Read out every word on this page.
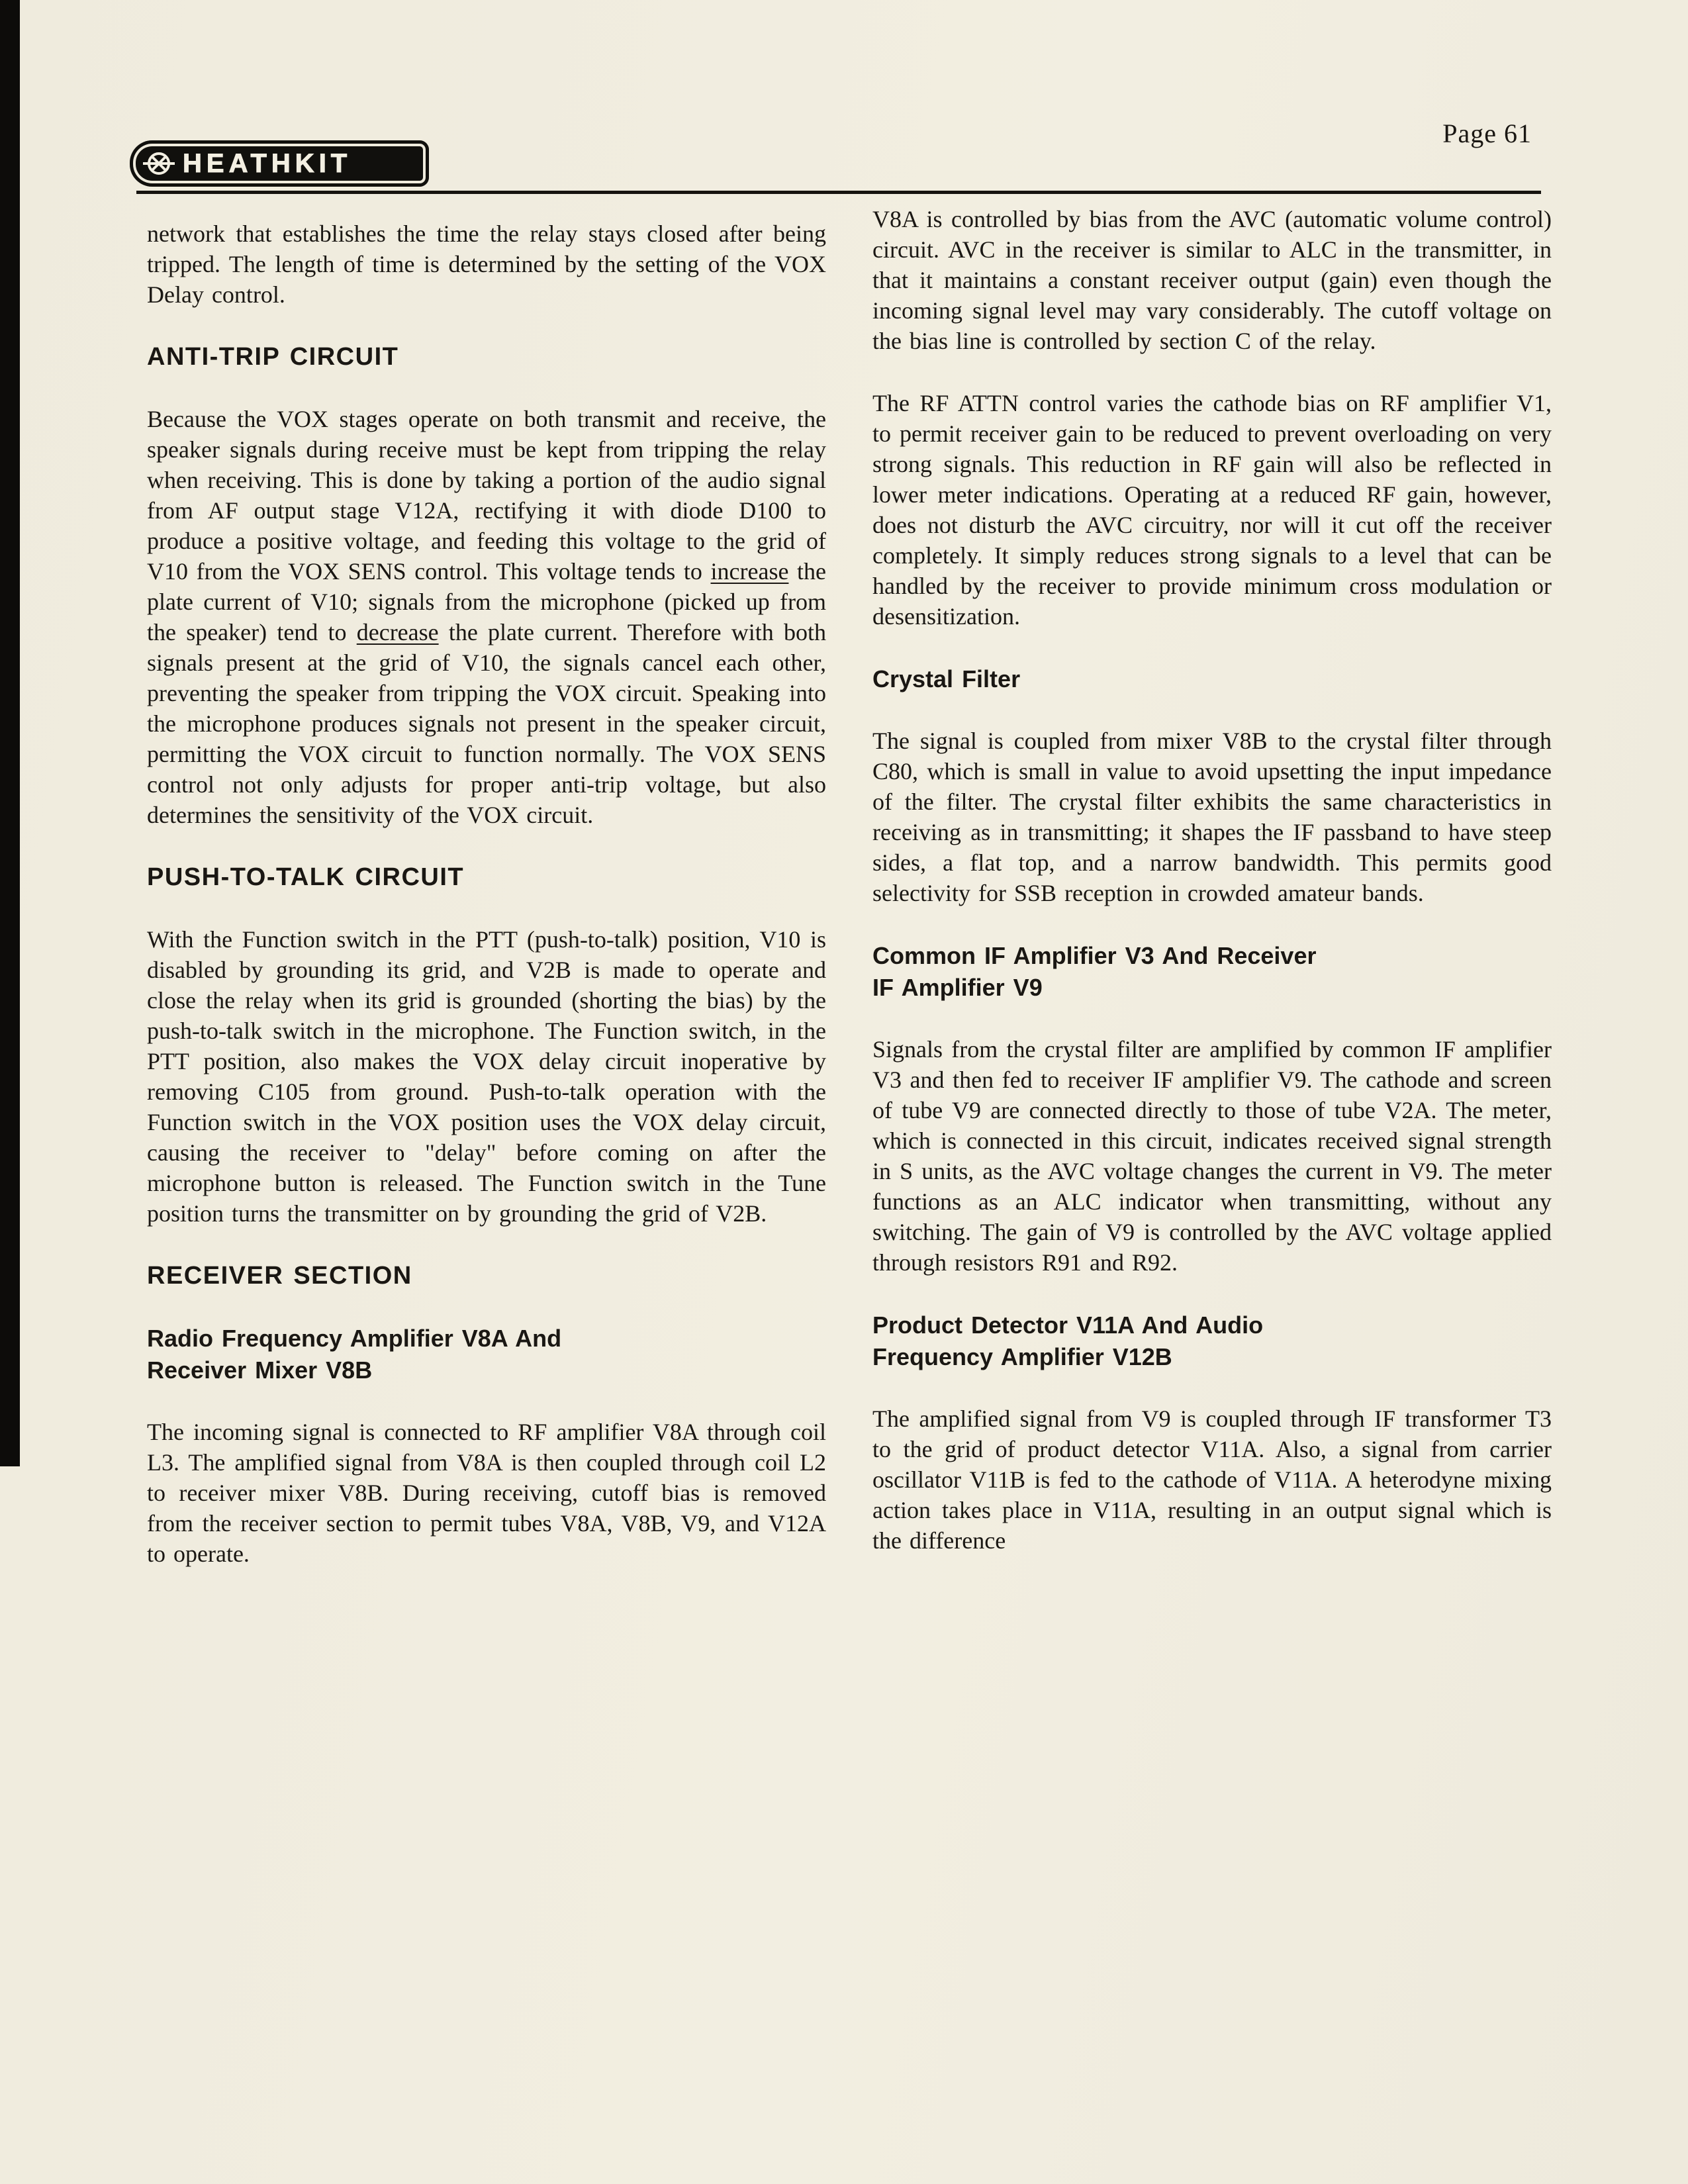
Page 61
HEATHKIT

network that establishes the time the relay stays closed after being tripped. The length of time is determined by the setting of the VOX Delay control.

ANTI-TRIP CIRCUIT

Because the VOX stages operate on both transmit and receive, the speaker signals during receive must be kept from tripping the relay when receiving. This is done by taking a portion of the audio signal from AF output stage V12A, rectifying it with diode D100 to produce a positive voltage, and feeding this voltage to the grid of V10 from the VOX SENS control. This voltage tends to increase the plate current of V10; signals from the microphone (picked up from the speaker) tend to decrease the plate current. Therefore with both signals present at the grid of V10, the signals cancel each other, preventing the speaker from tripping the VOX circuit. Speaking into the microphone produces signals not present in the speaker circuit, permitting the VOX circuit to function normally. The VOX SENS control not only adjusts for proper anti-trip voltage, but also determines the sensitivity of the VOX circuit.

PUSH-TO-TALK CIRCUIT

With the Function switch in the PTT (push-to-talk) position, V10 is disabled by grounding its grid, and V2B is made to operate and close the relay when its grid is grounded (shorting the bias) by the push-to-talk switch in the microphone. The Function switch, in the PTT position, also makes the VOX delay circuit inoperative by removing C105 from ground. Push-to-talk operation with the Function switch in the VOX position uses the VOX delay circuit, causing the receiver to "delay" before coming on after the microphone button is released. The Function switch in the Tune position turns the transmitter on by grounding the grid of V2B.

RECEIVER SECTION
Radio Frequency Amplifier V8A And
Receiver Mixer V8B

The incoming signal is connected to RF amplifier V8A through coil L3. The amplified signal from V8A is then coupled through coil L2 to receiver mixer V8B. During receiving, cutoff bias is removed from the receiver section to permit tubes V8A, V8B, V9, and V12A to operate.

V8A is controlled by bias from the AVC (automatic volume control) circuit. AVC in the receiver is similar to ALC in the transmitter, in that it maintains a constant receiver output (gain) even though the incoming signal level may vary considerably. The cutoff voltage on the bias line is controlled by section C of the relay.

The RF ATTN control varies the cathode bias on RF amplifier V1, to permit receiver gain to be reduced to prevent overloading on very strong signals. This reduction in RF gain will also be reflected in lower meter indications. Operating at a reduced RF gain, however, does not disturb the AVC circuitry, nor will it cut off the receiver completely. It simply reduces strong signals to a level that can be handled by the receiver to provide minimum cross modulation or desensitization.

Crystal Filter

The signal is coupled from mixer V8B to the crystal filter through C80, which is small in value to avoid upsetting the input impedance of the filter. The crystal filter exhibits the same characteristics in receiving as in transmitting; it shapes the IF passband to have steep sides, a flat top, and a narrow bandwidth. This permits good selectivity for SSB reception in crowded amateur bands.

Common IF Amplifier V3 And Receiver
IF Amplifier V9

Signals from the crystal filter are amplified by common IF amplifier V3 and then fed to receiver IF amplifier V9. The cathode and screen of tube V9 are connected directly to those of tube V2A. The meter, which is connected in this circuit, indicates received signal strength in S units, as the AVC voltage changes the current in V9. The meter functions as an ALC indicator when transmitting, without any switching. The gain of V9 is controlled by the AVC voltage applied through resistors R91 and R92.

Product Detector V11A And Audio
Frequency Amplifier V12B

The amplified signal from V9 is coupled through IF transformer T3 to the grid of product detector V11A. Also, a signal from carrier oscillator V11B is fed to the cathode of V11A. A heterodyne mixing action takes place in V11A, resulting in an output signal which is the difference
